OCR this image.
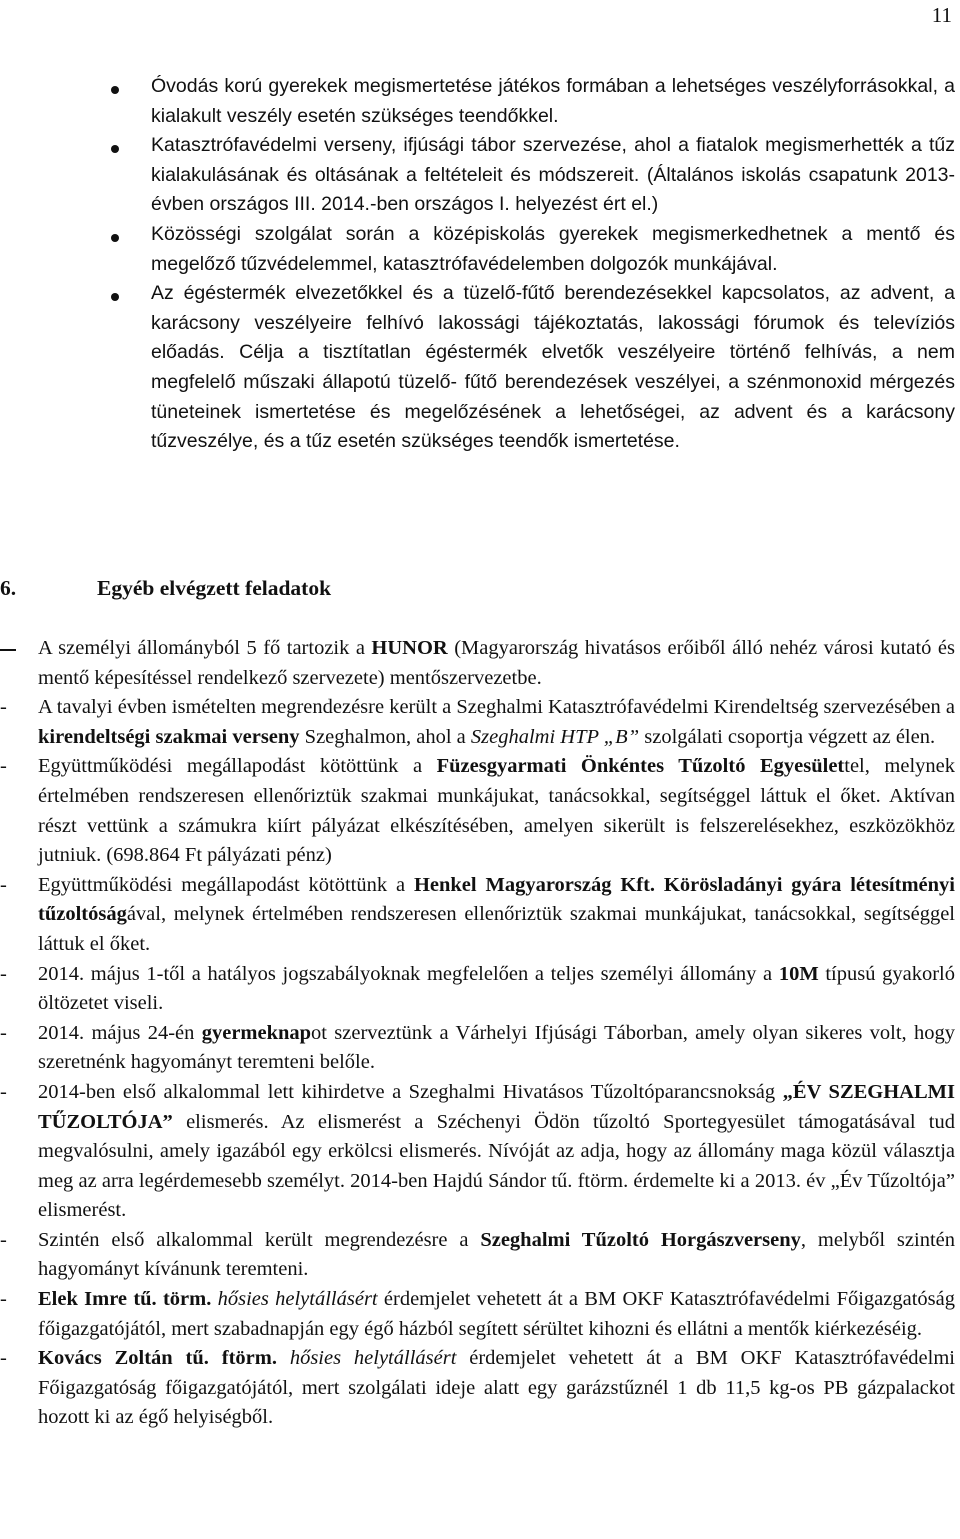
11
Óvodás korú gyerekek megismertetése játékos formában a lehetséges veszélyforrásokkal, a kialakult veszély esetén szükséges teendőkkel.
Katasztrófavédelmi verseny, ifjúsági tábor szervezése, ahol a fiatalok megismerhették a tűz kialakulásának és oltásának a feltételeit és módszereit. (Általános iskolás csapatunk 2013-évben országos III. 2014.-ben országos I. helyezést ért el.)
Közösségi szolgálat során a középiskolás gyerekek megismerkedhetnek a mentő és megelőző tűzvédelemmel, katasztrófavédelemben dolgozók munkájával.
Az égéstermék elvezetőkkel és a tüzelő-fűtő berendezésekkel kapcsolatos, az advent, a karácsony veszélyeire felhívó lakossági tájékoztatás, lakossági fórumok és televíziós előadás. Célja a tisztítatlan égéstermék elvetők veszélyeire történő felhívás, a nem megfelelő műszaki állapotú tüzelő- fűtő berendezések veszélyei, a szénmonoxid mérgezés tüneteinek ismertetése és megelőzésének a lehetőségei, az advent és a karácsony tűzveszélye, és a tűz esetén szükséges teendők ismertetése.
6.	Egyéb elvégzett feladatok
A személyi állományból 5 fő tartozik a HUNOR (Magyarország hivatásos erőiből álló nehéz városi kutató és mentő képesítéssel rendelkező szervezete) mentőszervezetbe.
- A tavalyi évben ismételten megrendezésre került a Szeghalmi Katasztrófavédelmi Kirendeltség szervezésében a kirendeltségi szakmai verseny Szeghalmon, ahol a Szeghalmi HTP „B” szolgálati csoportja végzett az élen.
- Együttműködési megállapodást kötöttünk a Füzesgyarmati Önkéntes Tűzoltó Egyesülettel, melynek értelmében rendszeresen ellenőriztük szakmai munkájukat, tanácsokkal, segítséggel láttuk el őket. Aktívan részt vettünk a számukra kiírt pályázat elkészítésében, amelyen sikerült is felszerelésekhez, eszközökhöz jutniuk. (698.864 Ft pályázati pénz)
- Együttműködési megállapodást kötöttünk a Henkel Magyarország Kft. Körösladányi gyára létesítményi tűzoltóságával, melynek értelmében rendszeresen ellenőriztük szakmai munkájukat, tanácsokkal, segítséggel láttuk el őket.
- 2014. május 1-től a hatályos jogszabályoknak megfelelően a teljes személyi állomány a 10M típusú gyakorló öltözetet viseli.
- 2014. május 24-én gyermeknapot szerveztünk a Várhelyi Ifjúsági Táborban, amely olyan sikeres volt, hogy szeretnénk hagyományt teremteni belőle.
- 2014-ben első alkalommal lett kihirdetve a Szeghalmi Hivatásos Tűzoltóparancsnokság „ÉV SZEGHALMI TŰZOLTÓJA” elismerés. Az elismerést a Széchenyi Ödön tűzoltó Sportegyesület támogatásával tud megvalósulni, amely igazából egy erkölcsi elismerés. Nívóját az adja, hogy az állomány maga közül választja meg az arra legérdemesebb személyt. 2014-ben Hajdú Sándor tű. ftörm. érdemelte ki a 2013. év „Év Tűzoltója” elismerést.
- Szintén első alkalommal került megrendezésre a Szeghalmi Tűzoltó Horgászverseny, melyből szintén hagyományt kívánunk teremteni.
- Elek Imre tű. törm. hősies helytállásért érdemjelet vehetett át a BM OKF Katasztrófavédelmi Főigazgatóság főigazgatójától, mert szabadnapján egy égő házból segített sérültet kihozni és ellátni a mentők kiérkezéséig.
- Kovács Zoltán tű. ftörm. hősies helytállásért érdemjelet vehetett át a BM OKF Katasztrófavédelmi Főigazgatóság főigazgatójától, mert szolgálati ideje alatt egy garázstűznél 1 db 11,5 kg-os PB gázpalackot hozott ki az égő helyiségből.
